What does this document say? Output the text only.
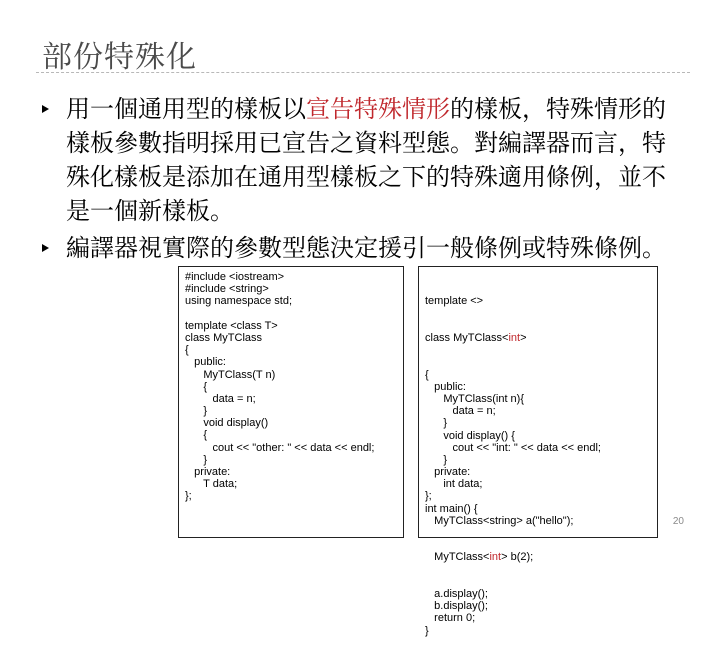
部份特殊化
用一個通用型的樣板以宣告特殊情形的樣板，特殊情形的樣板參數指明採用已宣告之資料型態。對編譯器而言，特殊化樣板是添加在通用型樣板之下的特殊適用條例，並不是一個新樣板。
編譯器視實際的參數型態決定援引一般條例或特殊條例。
#include <iostream>
#include <string>
using namespace std;
template <class T>
class MyTClass
{
public:
MyTClass(T n)
{
data = n;
}
void display()
{
cout << "other: " << data << endl;
}
private:
T data;
};

template <>

class MyTClass<int>

{
public:
MyTClass(int n){
data = n;
}
void display() {
cout << "int: " << data << endl;
}
private:
int data;
};
int main() {
MyTClass<string> a("hello");

MyTClass<int> b(2);

a.display();
b.display();
return 0;
}

20
